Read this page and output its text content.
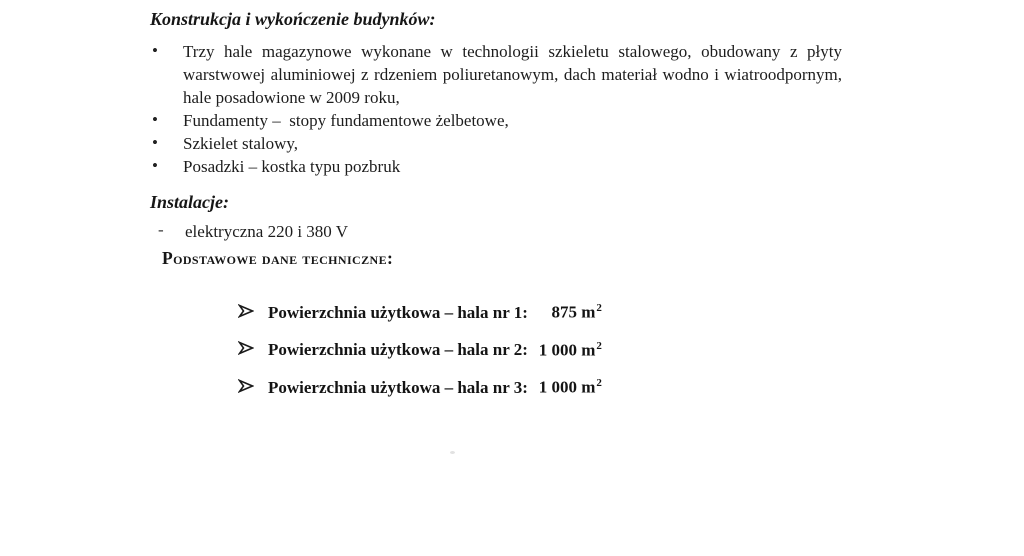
Konstrukcja i wykończenie budynków:
• Trzy hale magazynowe wykonane w technologii szkieletu stalowego, obudowany z płyty warstwowej aluminiowej z rdzeniem poliuretanowym, dach materiał wodno i wiatroodpornym, hale posadowione w 2009 roku,
• Fundamenty –  stopy fundamentowe żelbetowe,
• Szkielet stalowy,
• Posadzki – kostka typu pozbruk
Instalacje:
- elektryczna 220 i 380 V
Podstawowe dane techniczne:
Powierzchnia użytkowa – hala nr 1:	875 $m^2$
Powierzchnia użytkowa – hala nr 2: 1 000 $m^2$
Powierzchnia użytkowa – hala nr 3: 1 000 $m^2$
